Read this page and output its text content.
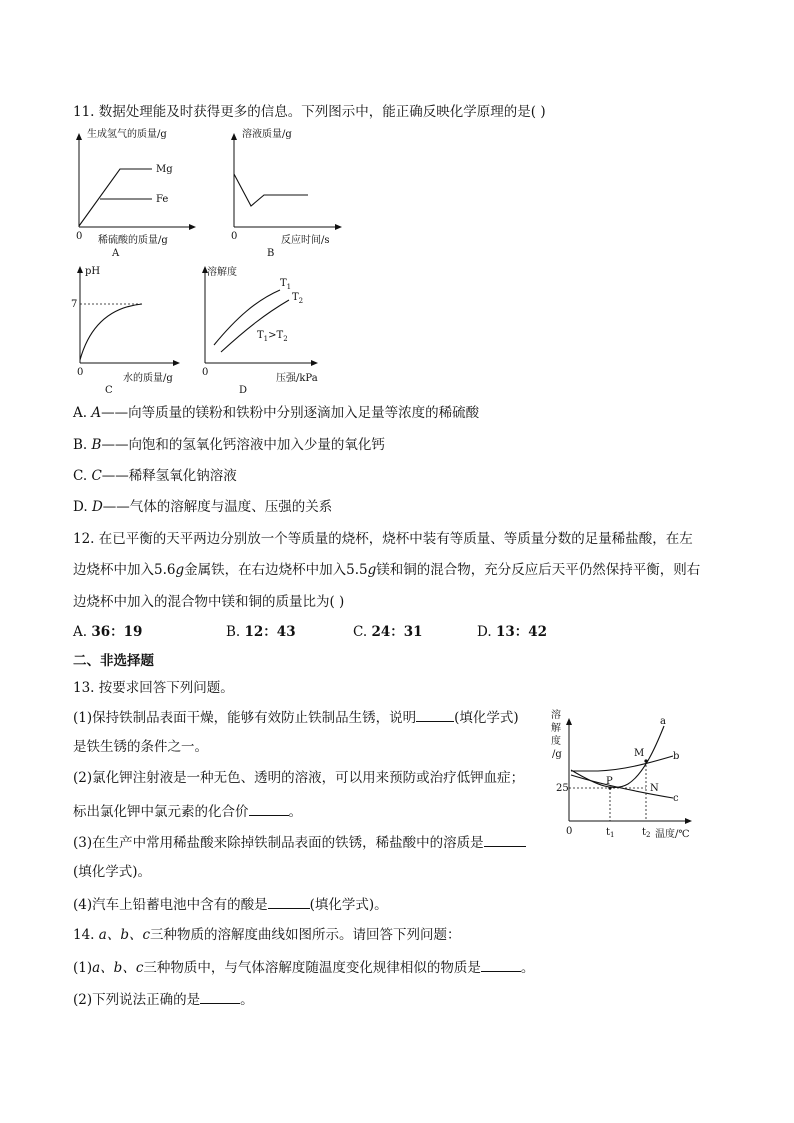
11. 数据处理能及时获得更多的信息。下列图示中，能正确反映化学原理的是( )
生成氢气的质量/g
Mg
Fe
0 稀硫酸的质量/g
A
溶液质量/g
0	反应时间/s
B
pH
7
0
水的质量/g
C
溶解度
$T_1$
$T_2$
$T_1>T_2$
0
压强/kPa
D
A. A——向等质量的镁粉和铁粉中分别逐滴加入足量等浓度的稀硫酸
B. B——向饱和的氢氧化钙溶液中加入少量的氧化钙
C. C——稀释氢氧化钠溶液
D. D——气体的溶解度与温度、压强的关系
12. 在已平衡的天平两边分别放一个等质量的烧杯，烧杯中装有等质量、等质量分数的足量稀盐酸，在左
边烧杯中加入5.6g金属铁，在右边烧杯中加入5.5g镁和铜的混合物，充分反应后天平仍然保持平衡，则右
边烧杯中加入的混合物中镁和铜的质量比为( )
A. 36：19	B. 12：43	C. 24：31	D. 13：42
二、非选择题
13. 按要求回答下列问题。
(1)保持铁制品表面干燥，能够有效防止铁制品生锈，说明	(填化学式)
是铁生锈的条件之一。
(2)氯化钾注射液是一种无色、透明的溶液，可以用来预防或治疗低钾血症；
标出氯化钾中氯元素的化合价	。
(3)在生产中常用稀盐酸来除掉铁制品表面的铁锈，稀盐酸中的溶质是
(填化学式)。
(4)汽车上铅蓄电池中含有的酸是	(填化学式)。
溶
解
度
/g
a
b
c
M
P
N
25
0	$t_1$	$t_2$ 温度/℃
14. a、b、c三种物质的溶解度曲线如图所示。请回答下列问题：
(1)a、b、c三种物质中，与气体溶解度随温度变化规律相似的物质是	。
(2)下列说法正确的是	。
